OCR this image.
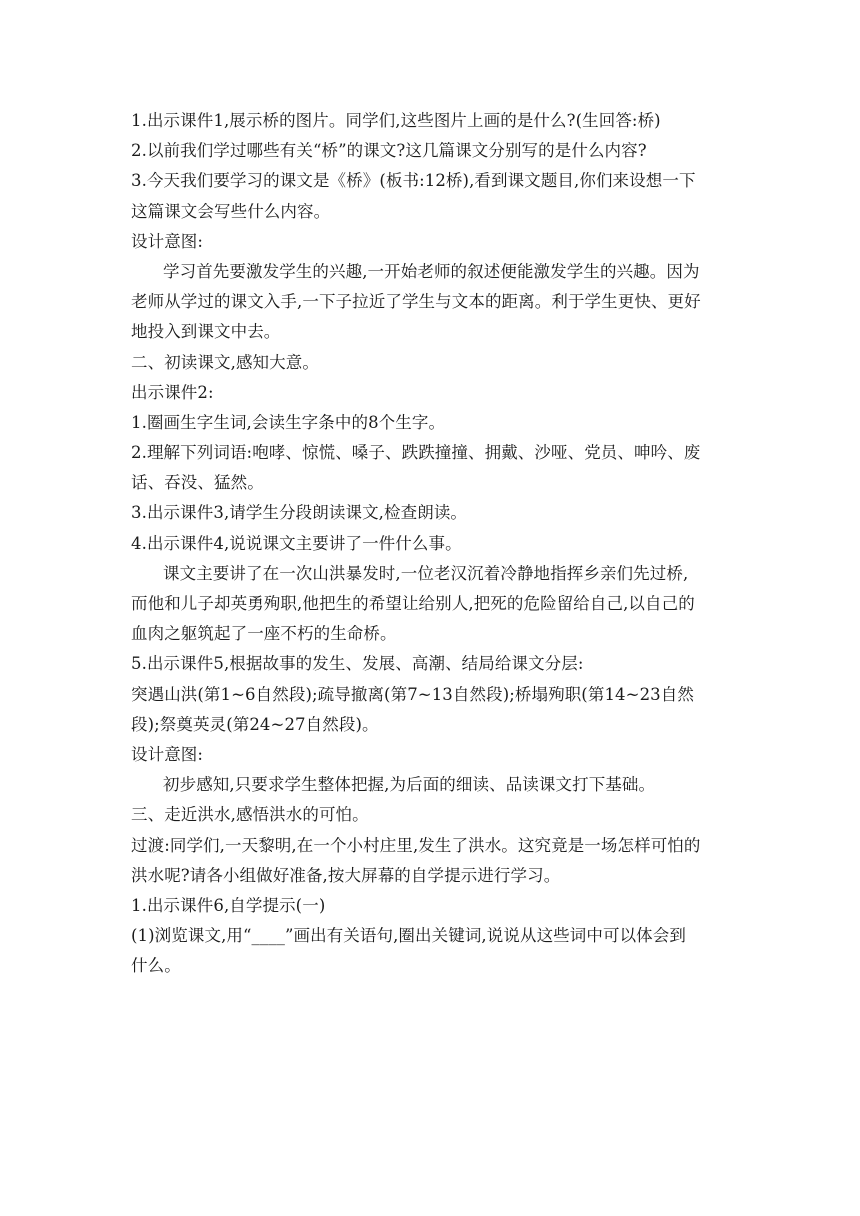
1.出示课件1,展示桥的图片。同学们,这些图片上画的是什么?(生回答:桥)
2.以前我们学过哪些有关“桥”的课文?这几篇课文分别写的是什么内容?
3.今天我们要学习的课文是《桥》(板书:12桥),看到课文题目,你们来设想一下
这篇课文会写些什么内容。
设计意图:
学习首先要激发学生的兴趣,一开始老师的叙述便能激发学生的兴趣。因为
老师从学过的课文入手,一下子拉近了学生与文本的距离。利于学生更快、更好
地投入到课文中去。
二、初读课文,感知大意。
出示课件2:
1.圈画生字生词,会读生字条中的8个生字。
2.理解下列词语:咆哮、惊慌、嗓子、跌跌撞撞、拥戴、沙哑、党员、呻吟、废
话、吞没、猛然。
3.出示课件3,请学生分段朗读课文,检查朗读。
4.出示课件4,说说课文主要讲了一件什么事。
课文主要讲了在一次山洪暴发时,一位老汉沉着冷静地指挥乡亲们先过桥,
而他和儿子却英勇殉职,他把生的希望让给别人,把死的危险留给自己,以自己的
血肉之躯筑起了一座不朽的生命桥。
5.出示课件5,根据故事的发生、发展、高潮、结局给课文分层:
突遇山洪(第1~6自然段);疏导撤离(第7~13自然段);桥塌殉职(第14~23自然
段);祭奠英灵(第24~27自然段)。
设计意图:
初步感知,只要求学生整体把握,为后面的细读、品读课文打下基础。
三、走近洪水,感悟洪水的可怕。
过渡:同学们,一天黎明,在一个小村庄里,发生了洪水。这究竟是一场怎样可怕的
洪水呢?请各小组做好准备,按大屏幕的自学提示进行学习。
1.出示课件6,自学提示(一)
(1)浏览课文,用“____”画出有关语句,圈出关键词,说说从这些词中可以体会到
什么。
